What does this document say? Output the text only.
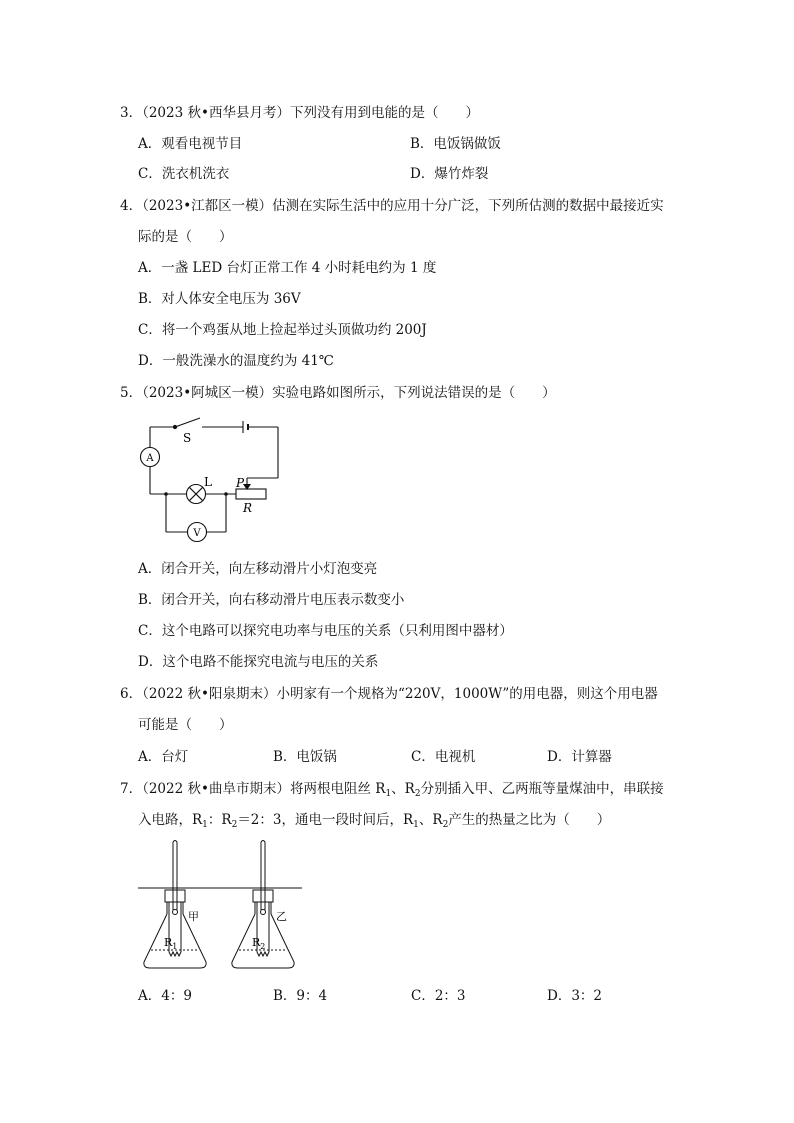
3．（2023 秋•西华县月考）下列没有用到电能的是（　　）
A．观看电视节目	B．电饭锅做饭
C．洗衣机洗衣	D．爆竹炸裂
4．（2023•江都区一模）估测在实际生活中的应用十分广泛，下列所估测的数据中最接近实
际的是（　　）
A．一盏 LED 台灯正常工作 4 小时耗电约为 1 度
B．对人体安全电压为 36V
C．将一个鸡蛋从地上捡起举过头顶做功约 200J
D．一般洗澡水的温度约为 41℃
5．（2023•阿城区一模）实验电路如图所示，下列说法错误的是（　　）
S
A
L P
R
V
A．闭合开关，向左移动滑片小灯泡变亮
B．闭合开关，向右移动滑片电压表示数变小
C．这个电路可以探究电功率与电压的关系（只利用图中器材）
D．这个电路不能探究电流与电压的关系
6．（2022 秋•阳泉期末）小明家有一个规格为“220V，1000W”的用电器，则这个用电器
可能是（　　）
A．台灯	B．电饭锅	C．电视机	D．计算器
7．（2022 秋•曲阜市期末）将两根电阻丝 $R_1$、$R_2$分别插入甲、乙两瓶等量煤油中，串联接
入电路，$R_1$：$R_2=2$：3，通电一段时间后，$R_1$、$R_2$产生的热量之比为（　　）
甲	乙
$R_1$	$R_2$
A．4：9	B．9：4	C．2：3	D．3：2
